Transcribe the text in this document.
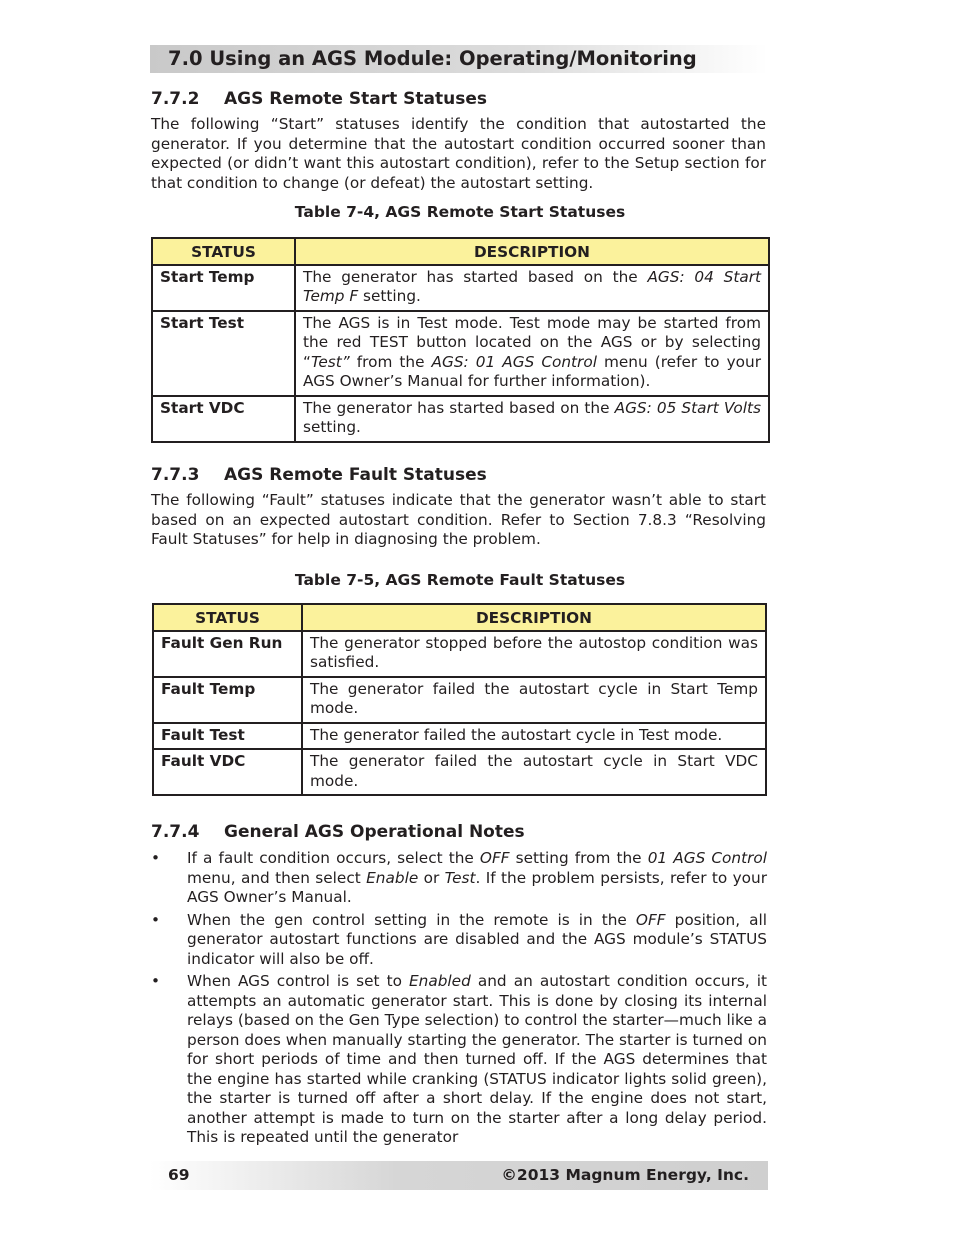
7.0 Using an AGS Module: Operating/Monitoring
7.7.2 AGS Remote Start Statuses

The following “Start” statuses identify the condition that autostarted the generator. If you determine that the autostart condition occurred sooner than expected (or didn’t want this autostart condition), refer to the Setup section for that condition to change (or defeat) the autostart setting.

Table 7-4, AGS Remote Start Statuses

STATUS	DESCRIPTION
Start Temp	The generator has started based on the AGS: 04 Start Temp F setting.
Start Test	The AGS is in Test mode. Test mode may be started from the red TEST button located on the AGS or by selecting “Test” from the AGS: 01 AGS Control menu (refer to your AGS Owner’s Manual for further information).
Start VDC	The generator has started based on the AGS: 05 Start Volts setting.
7.7.3 AGS Remote Fault Statuses

The following “Fault” statuses indicate that the generator wasn’t able to start based on an expected autostart condition. Refer to Section 7.8.3 “Resolving Fault Statuses” for help in diagnosing the problem.

Table 7-5, AGS Remote Fault Statuses

STATUS	DESCRIPTION
Fault Gen Run	The generator stopped before the autostop condition was satisfied.
Fault Temp	The generator failed the autostart cycle in Start Temp mode.
Fault Test	The generator failed the autostart cycle in Test mode.
Fault VDC	The generator failed the autostart cycle in Start VDC mode.
7.7.4 General AGS Operational Notes
• If a fault condition occurs, select the OFF setting from the 01 AGS Control menu, and then select Enable or Test. If the problem persists, refer to your AGS Owner’s Manual.
• When the gen control setting in the remote is in the OFF position, all generator autostart functions are disabled and the AGS module’s STATUS indicator will also be off.
• When AGS control is set to Enabled and an autostart condition occurs, it attempts an automatic generator start. This is done by closing its internal relays (based on the Gen Type selection) to control the starter—much like a person does when manually starting the generator. The starter is turned on for short periods of time and then turned off. If the AGS determines that the engine has started while cranking (STATUS indicator lights solid green), the starter is turned off after a short delay. If the engine does not start, another attempt is made to turn on the starter after a long delay period. This is repeated until the generator
69	©2013 Magnum Energy, Inc.
